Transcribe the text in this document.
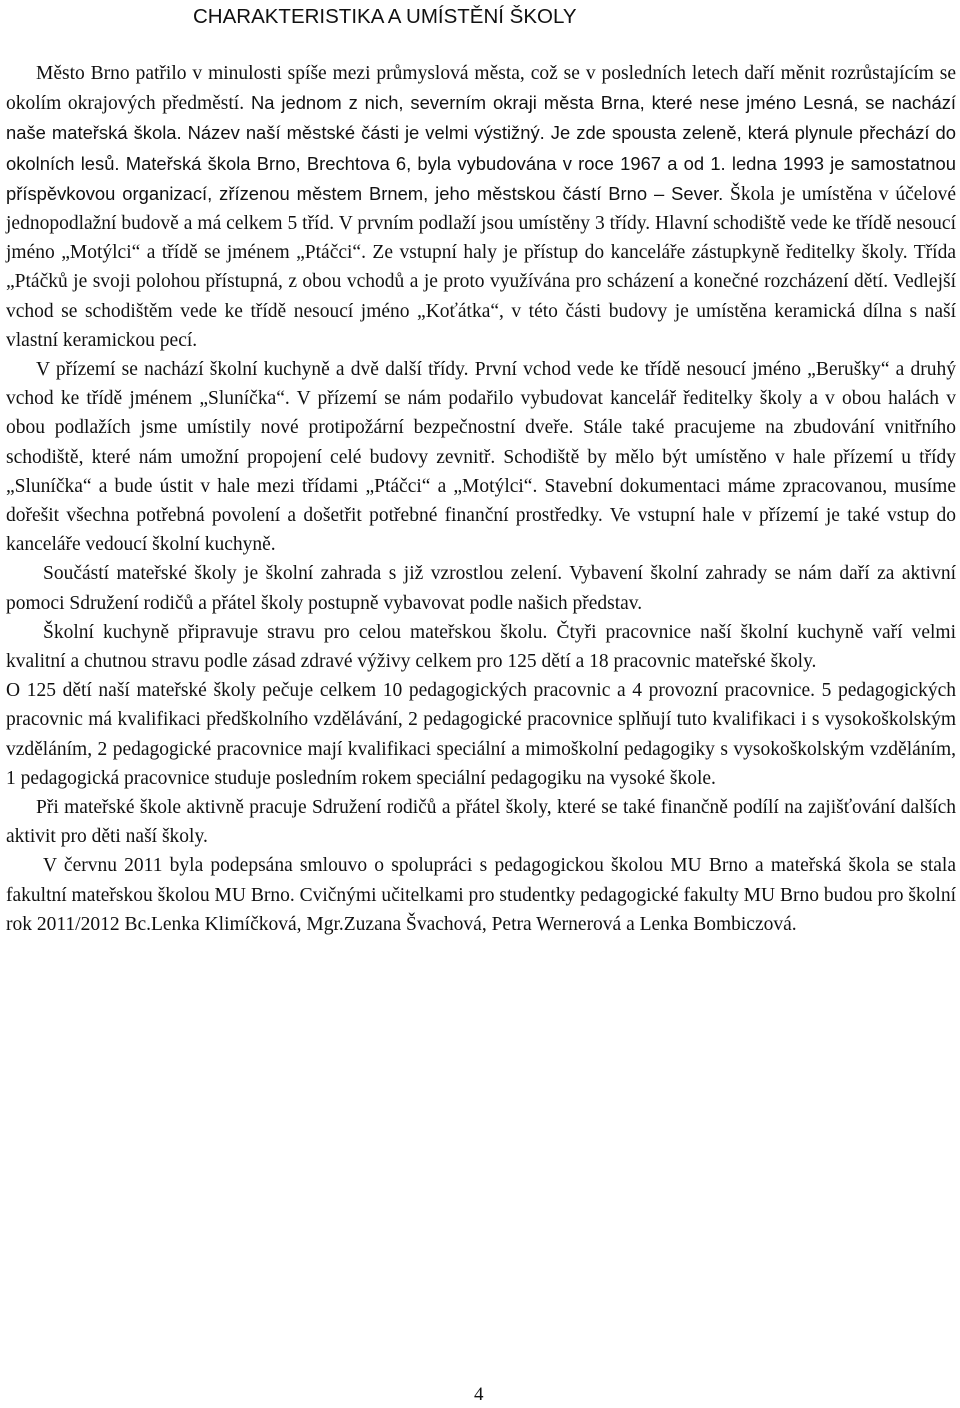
CHARAKTERISTIKA A UMÍSTĚNÍ ŠKOLY

Město Brno patřilo v minulosti spíše mezi průmyslová města, což se v posledních letech daří měnit rozrůstajícím se okolím okrajových předměstí. Na jednom z nich, severním okraji města Brna, které nese jméno Lesná, se nachází naše mateřská škola. Název naší městské části je velmi výstižný. Je zde spousta zeleně, která plynule přechází do okolních lesů. Mateřská škola Brno, Brechtova 6, byla vybudována v roce 1967 a od 1. ledna 1993 je samostatnou příspěvkovou organizací, zřízenou městem Brnem, jeho městskou částí Brno – Sever. Škola je umístěna v účelové jednopodlažní budově a má celkem 5 tříd. V prvním podlaží jsou umístěny 3 třídy. Hlavní schodiště vede ke třídě nesoucí jméno „Motýlci“ a třídě se jménem „Ptáčci“. Ze vstupní haly je přístup do kanceláře zástupkyně ředitelky školy. Třída „Ptáčků je svoji polohou přístupná, z obou vchodů a je proto využívána pro scházení a konečné rozcházení dětí. Vedlejší vchod se schodištěm vede ke třídě nesoucí jméno „Koťátka“, v této části budovy je umístěna keramická dílna s naší vlastní keramickou pecí.

V přízemí se nachází školní kuchyně a dvě další třídy. První vchod vede ke třídě nesoucí jméno „Berušky“ a druhý vchod ke třídě jménem „Sluníčka“. V přízemí se nám podařilo vybudovat kancelář ředitelky školy a v obou halách v obou podlažích jsme umístily nové protipožární bezpečnostní dveře. Stále také pracujeme na zbudování vnitřního schodiště, které nám umožní propojení celé budovy zevnitř. Schodiště by mělo být umístěno v hale přízemí u třídy „Sluníčka“ a bude ústit v hale mezi třídami „Ptáčci“ a „Motýlci“. Stavební dokumentaci máme zpracovanou, musíme dořešit všechna potřebná povolení a došetřit potřebné finanční prostředky. Ve vstupní hale v přízemí je také vstup do kanceláře vedoucí školní kuchyně.

Součástí mateřské školy je školní zahrada s již vzrostlou zelení. Vybavení školní zahrady se nám daří za aktivní pomoci Sdružení rodičů a přátel školy postupně vybavovat podle našich představ.

Školní kuchyně připravuje stravu pro celou mateřskou školu. Čtyři pracovnice naší školní kuchyně vaří velmi kvalitní a chutnou stravu podle zásad zdravé výživy celkem pro 125 dětí a 18 pracovnic mateřské školy.

O 125 dětí naší mateřské školy pečuje celkem 10 pedagogických pracovnic a 4 provozní pracovnice. 5 pedagogických pracovnic má kvalifikaci předškolního vzdělávání, 2 pedagogické pracovnice splňují tuto kvalifikaci i s vysokoškolským vzděláním, 2 pedagogické pracovnice mají kvalifikaci speciální a mimoškolní pedagogiky s vysokoškolským vzděláním, 1 pedagogická pracovnice studuje posledním rokem speciální pedagogiku na vysoké škole.

Při mateřské škole aktivně pracuje Sdružení rodičů a přátel školy, které se také finančně podílí na zajišťování dalších aktivit pro děti naší školy.

V červnu 2011 byla podepsána smlouvo o spolupráci s pedagogickou školou MU Brno a mateřská škola se stala fakultní mateřskou školou MU Brno. Cvičnými učitelkami pro studentky pedagogické fakulty MU Brno budou pro školní rok 2011/2012 Bc.Lenka Klimíčková, Mgr.Zuzana Švachová, Petra Wernerová a Lenka Bombiczová.

4
